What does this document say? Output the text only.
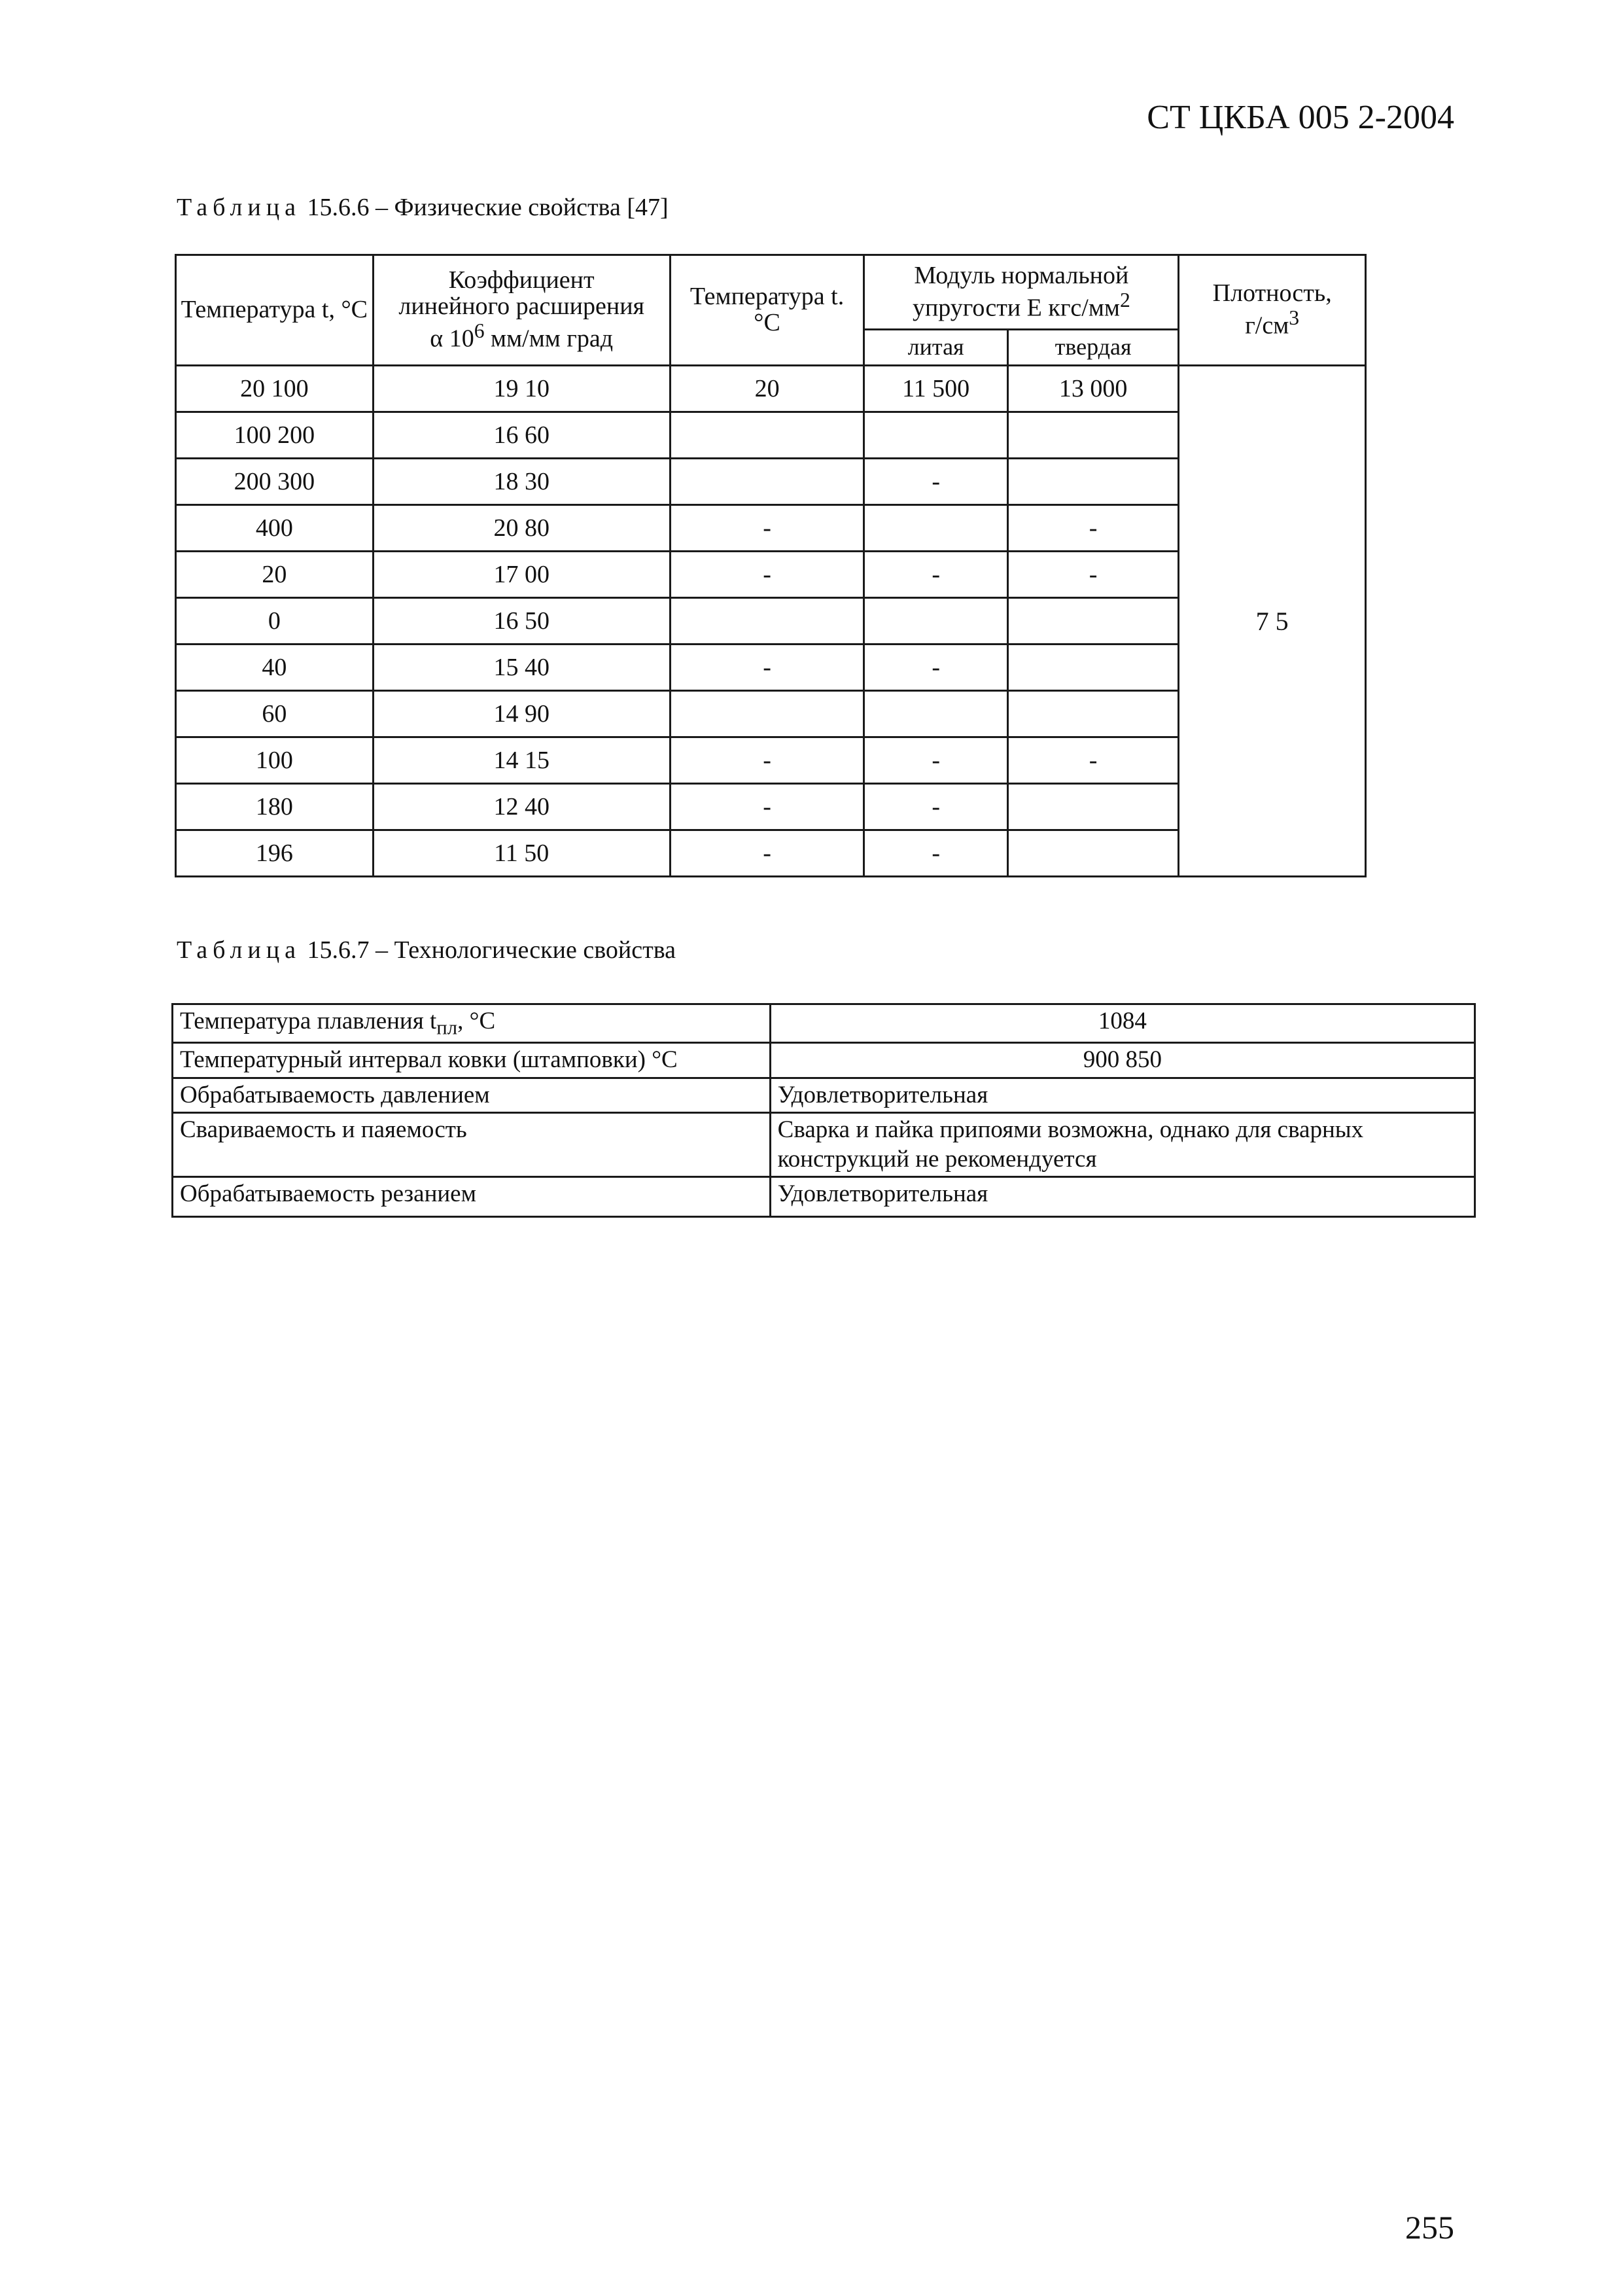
СТ ЦКБА 005 2-2004
Таблица 15.6.6 – Физические свойства [47]
Температура t, °C	Коэффициент
линейного расширения
α $10^6$ мм/мм град	Температура t. °C	Модуль нормальной
упругости Е кгс/$мм^2$		Плотность,
$г/см^3$
			литая	твердая	
20 100	19 10	20	11 500	13 000	7 5
100 200	16 60				
200 300	18 30		-		
400	20 80	-		-	
20	17 00	-	-	-	
0	16 50				
40	15 40	-	-		
60	14 90				
100	14 15	-	-	-	
180	12 40	-	-		
196	11 50	-	-		
Таблица 15.6.7 – Технологические свойства
Температура плавления $t_{пл}$, °C	1084
Температурный интервал ковки (штамповки) °C	900 850
Обрабатываемость давлением	Удовлетворительная
Свариваемость и паяемость	Сварка и пайка припоями возможна, однако для сварных конструкций не рекомендуется
Обрабатываемость резанием	Удовлетворительная
255
